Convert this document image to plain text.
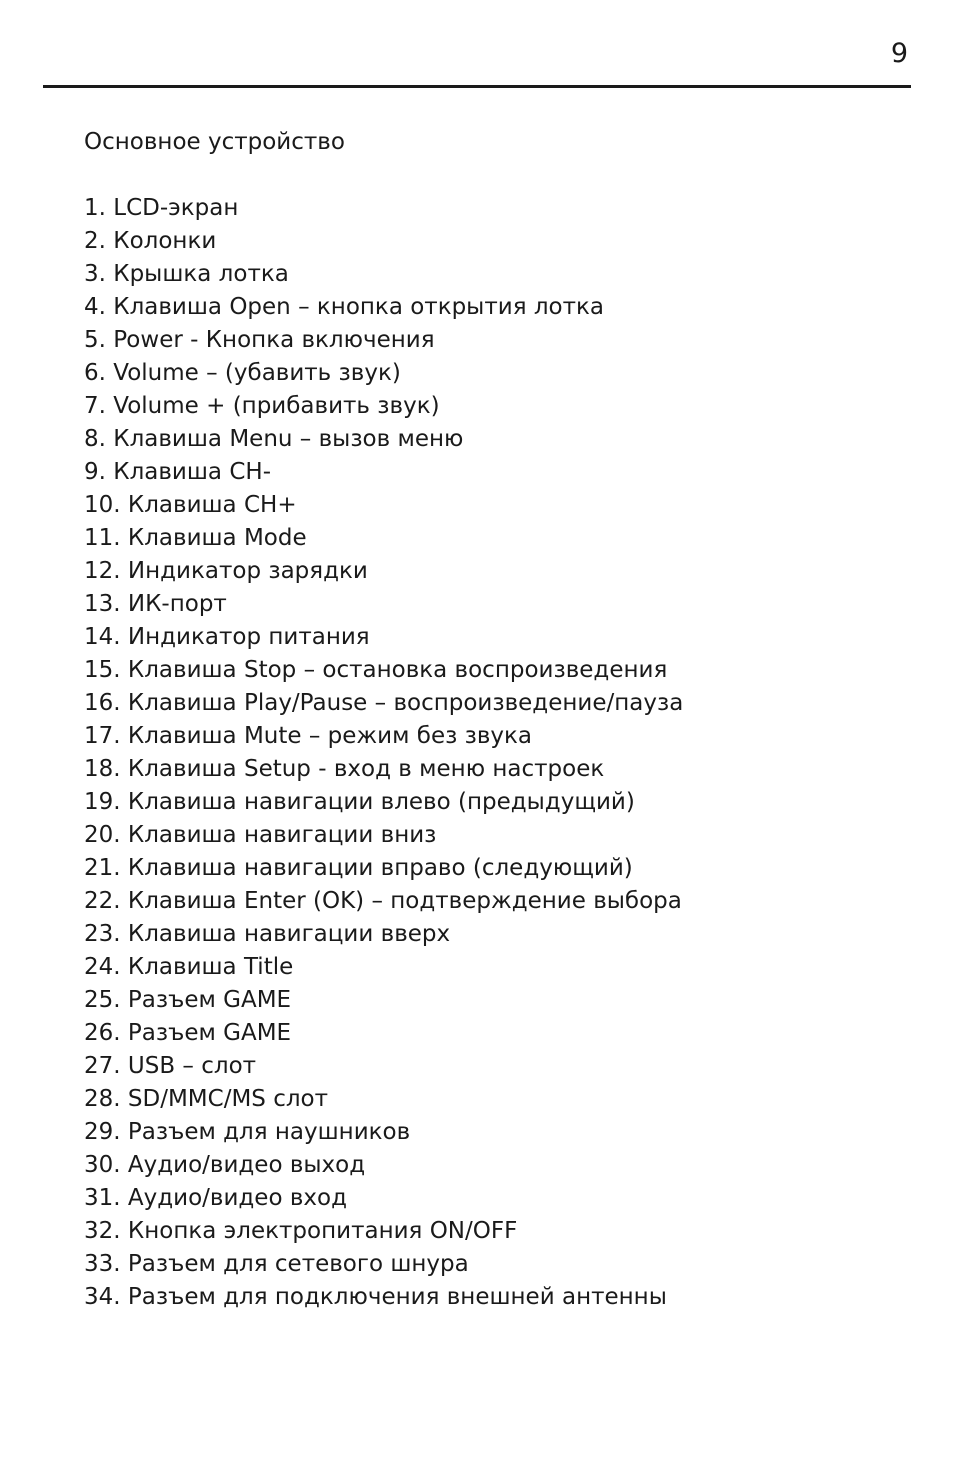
9
Основное устройство
1. LCD-экран
2. Колонки
3. Крышка лотка
4. Клавиша Open – кнопка открытия лотка
5. Power - Кнопка включения
6. Volume – (убавить звук)
7. Volume + (прибавить звук)
8. Клавиша Menu – вызов меню
9. Клавиша CH-
10. Клавиша CH+
11. Клавиша Mode
12. Индикатор зарядки
13. ИК-порт
14. Индикатор питания
15. Клавиша Stop – остановка воспроизведения
16. Клавиша Play/Pause – воспроизведение/пауза
17. Клавиша Mute – режим без звука
18. Клавиша Setup - вход в меню настроек
19. Клавиша навигации влево (предыдущий)
20. Клавиша навигации вниз
21. Клавиша навигации вправо (следующий)
22. Клавиша Enter (OK) – подтверждение выбора
23. Клавиша навигации вверх
24. Клавиша Title
25. Разъем GAME
26. Разъем GAME
27. USB – слот
28. SD/MMC/MS слот
29. Разъем для наушников
30. Аудио/видео выход
31. Аудио/видео вход
32. Кнопка электропитания ON/OFF
33. Разъем для сетевого шнура
34. Разъем для подключения внешней антенны
